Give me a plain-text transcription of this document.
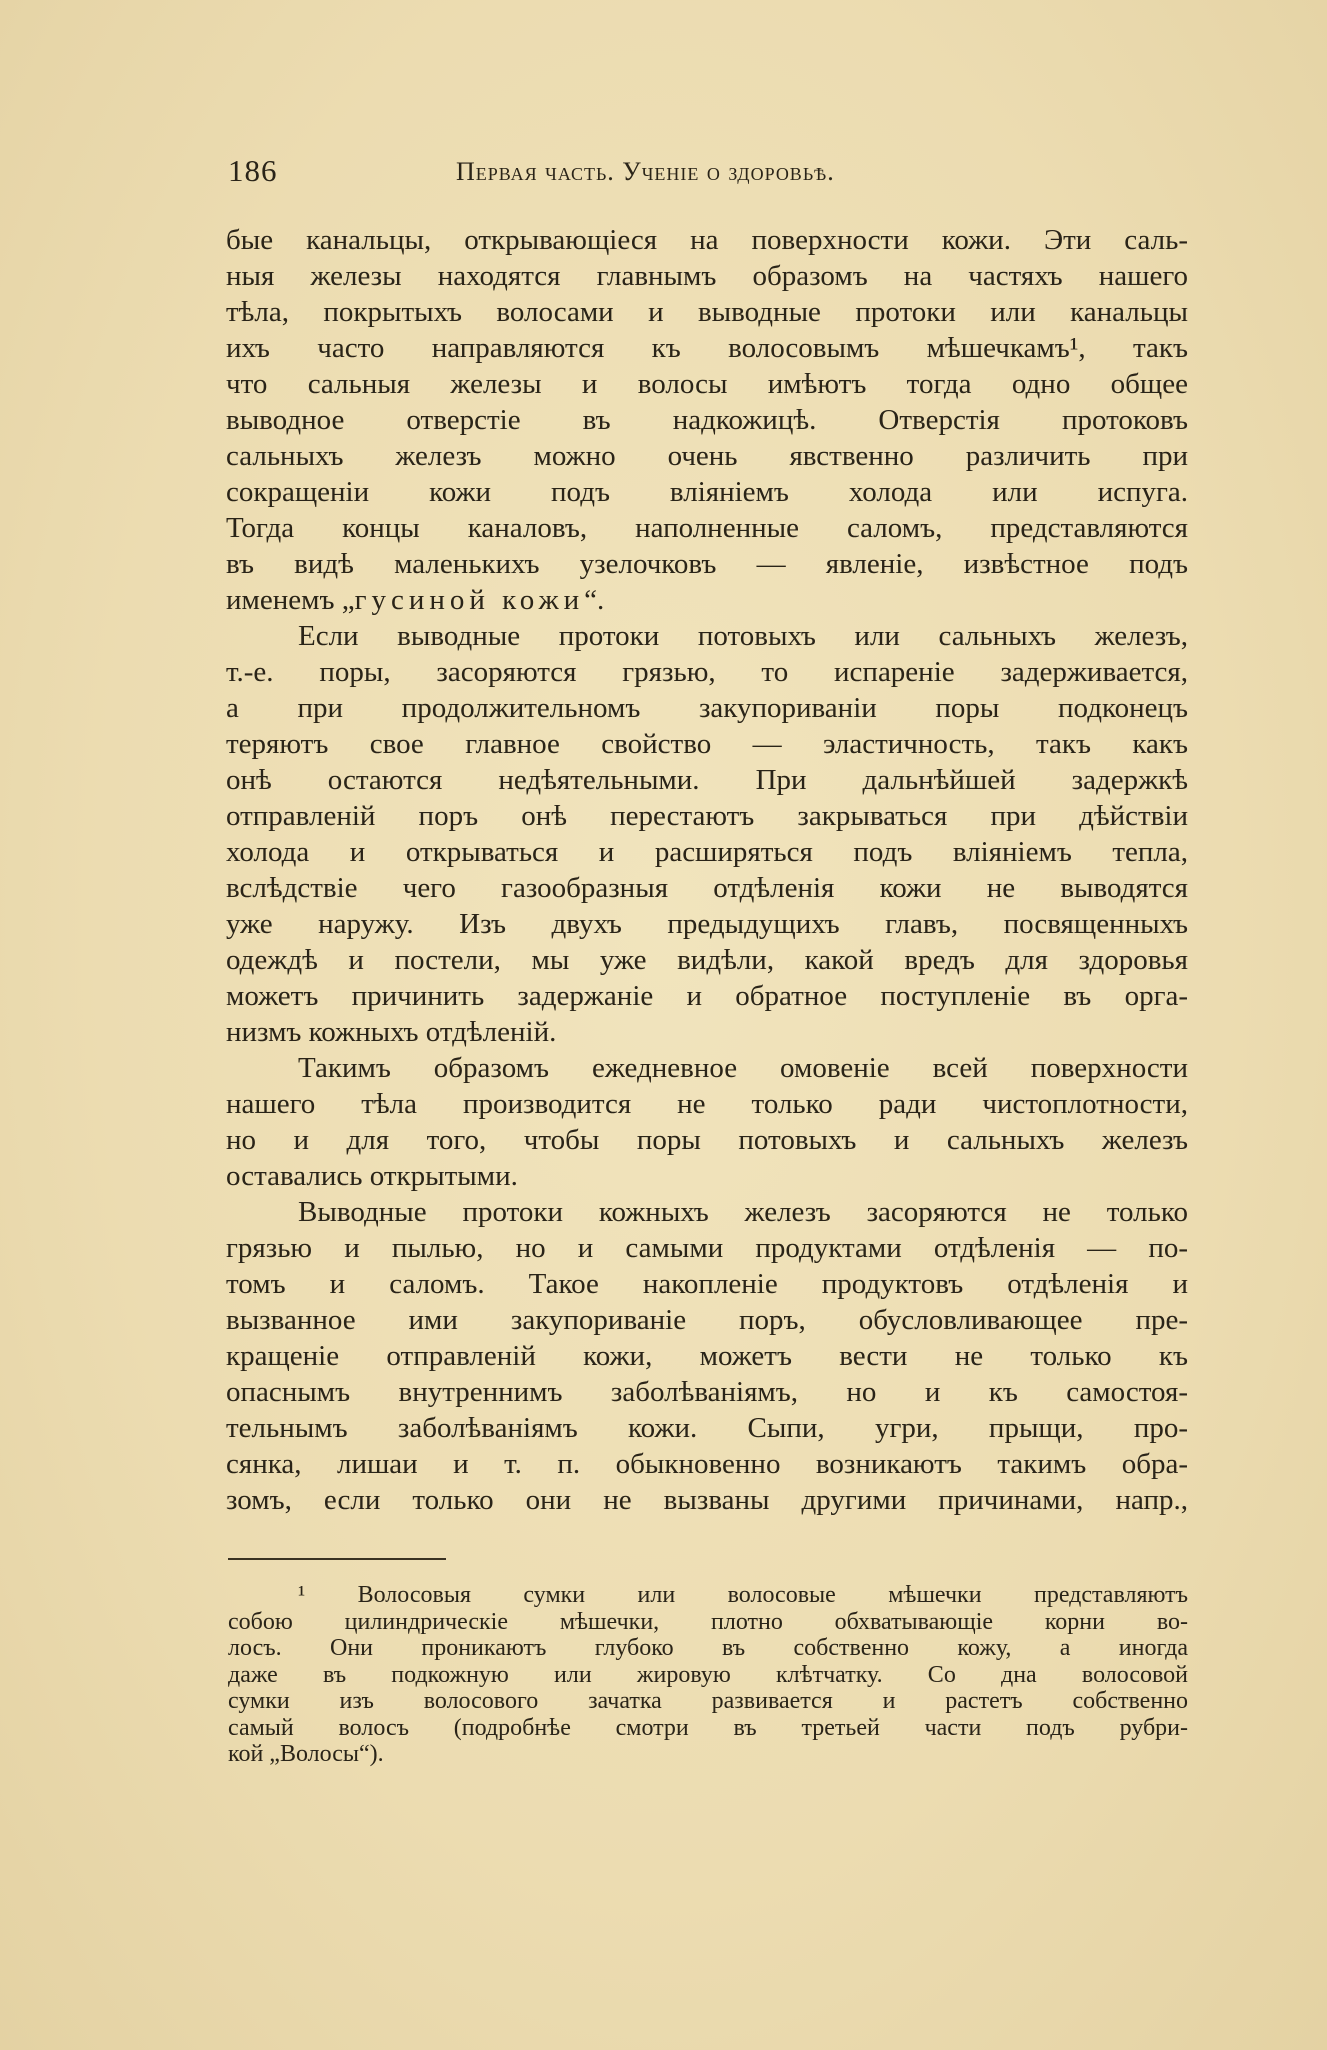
186	Первая часть. Ученіе о здоровьѣ.
бые канальцы, открывающіеся на поверхности кожи. Эти саль-
ныя железы находятся главнымъ образомъ на частяхъ нашего
тѣла, покрытыхъ волосами и выводные протоки или канальцы
ихъ часто направляются къ волосовымъ мѣшечкамъ¹, такъ
что сальныя железы и волосы имѣютъ тогда одно общее
выводное отверстіе въ надкожицѣ. Отверстія протоковъ
сальныхъ железъ можно очень явственно различить при
сокращеніи кожи подъ вліяніемъ холода или испуга.
Тогда концы каналовъ, наполненные саломъ, представляются
въ видѣ маленькихъ узелочковъ — явленіе, извѣстное подъ
именемъ „гусиной кожи“.
Если выводные протоки потовыхъ или сальныхъ железъ,
т.-е. поры, засоряются грязью, то испареніе задерживается,
а при продолжительномъ закупориваніи поры подконецъ
теряютъ свое главное свойство — эластичность, такъ какъ
онѣ остаются недѣятельными. При дальнѣйшей задержкѣ
отправленій поръ онѣ перестаютъ закрываться при дѣйствіи
холода и открываться и расширяться подъ вліяніемъ тепла,
вслѣдствіе чего газообразныя отдѣленія кожи не выводятся
уже наружу. Изъ двухъ предыдущихъ главъ, посвященныхъ
одеждѣ и постели, мы уже видѣли, какой вредъ для здоровья
можетъ причинить задержаніе и обратное поступленіе въ орга-
низмъ кожныхъ отдѣленій.
Такимъ образомъ ежедневное омовеніе всей поверхности
нашего тѣла производится не только ради чистоплотности,
но и для того, чтобы поры потовыхъ и сальныхъ железъ
оставались открытыми.
Выводные протоки кожныхъ железъ засоряются не только
грязью и пылью, но и самыми продуктами отдѣленія — по-
томъ и саломъ. Такое накопленіе продуктовъ отдѣленія и
вызванное ими закупориваніе поръ, обусловливающее пре-
кращеніе отправленій кожи, можетъ вести не только къ
опаснымъ внутреннимъ заболѣваніямъ, но и къ самостоя-
тельнымъ заболѣваніямъ кожи. Сыпи, угри, прыщи, про-
сянка, лишаи и т. п. обыкновенно возникаютъ такимъ обра-
зомъ, если только они не вызваны другими причинами, напр.,
¹ Волосовыя сумки или волосовые мѣшечки представляютъ
собою цилиндрическіе мѣшечки, плотно обхватывающіе корни во-
лосъ. Они проникаютъ глубоко въ собственно кожу, а иногда
даже въ подкожную или жировую клѣтчатку. Со дна волосовой
сумки изъ волосового зачатка развивается и растетъ собственно
самый волосъ (подробнѣе смотри въ третьей части подъ рубри-
кой „Волосы“).
